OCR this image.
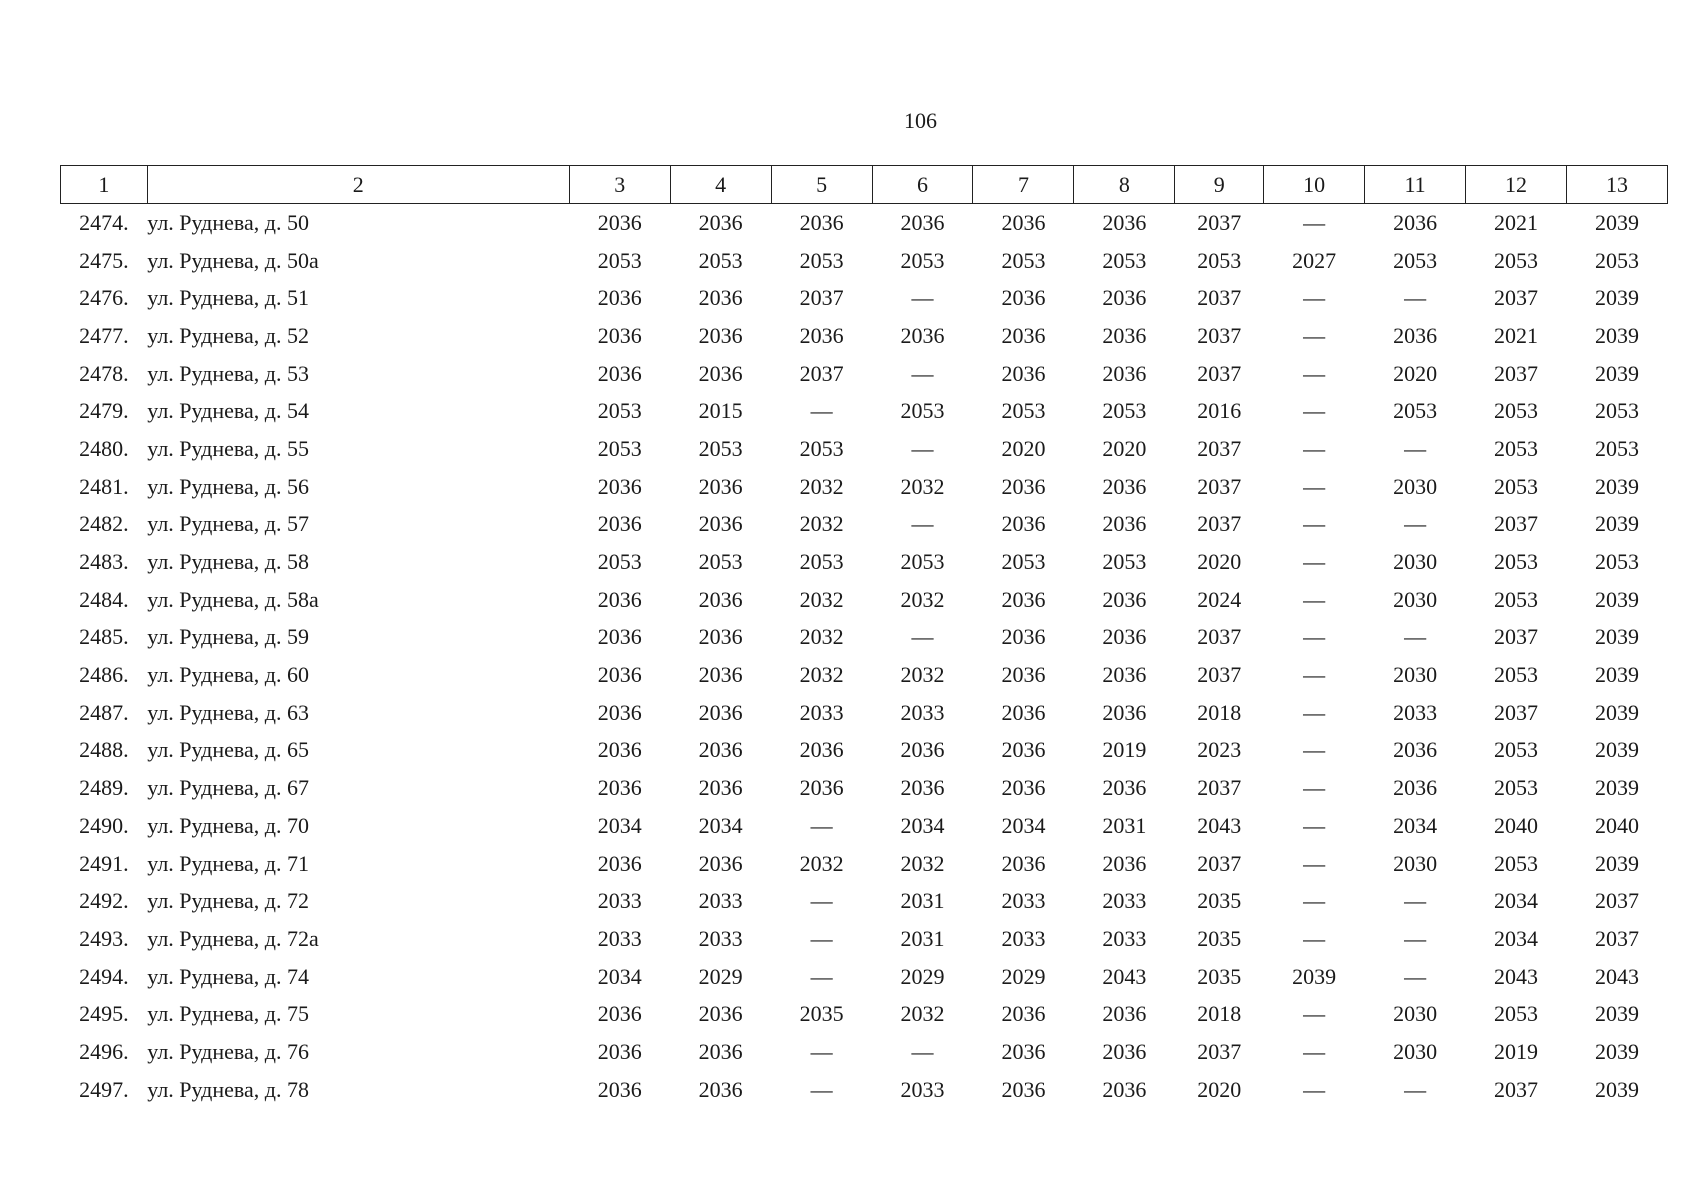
106
1	2	3	4	5	6	7	8	9	10	11	12	13
2474.	ул. Руднева, д. 50	2036	2036	2036	2036	2036	2036	2037	—	2036	2021	2039
2475.	ул. Руднева, д. 50а	2053	2053	2053	2053	2053	2053	2053	2027	2053	2053	2053
2476.	ул. Руднева, д. 51	2036	2036	2037	—	2036	2036	2037	—	—	2037	2039
2477.	ул. Руднева, д. 52	2036	2036	2036	2036	2036	2036	2037	—	2036	2021	2039
2478.	ул. Руднева, д. 53	2036	2036	2037	—	2036	2036	2037	—	2020	2037	2039
2479.	ул. Руднева, д. 54	2053	2015	—	2053	2053	2053	2016	—	2053	2053	2053
2480.	ул. Руднева, д. 55	2053	2053	2053	—	2020	2020	2037	—	—	2053	2053
2481.	ул. Руднева, д. 56	2036	2036	2032	2032	2036	2036	2037	—	2030	2053	2039
2482.	ул. Руднева, д. 57	2036	2036	2032	—	2036	2036	2037	—	—	2037	2039
2483.	ул. Руднева, д. 58	2053	2053	2053	2053	2053	2053	2020	—	2030	2053	2053
2484.	ул. Руднева, д. 58а	2036	2036	2032	2032	2036	2036	2024	—	2030	2053	2039
2485.	ул. Руднева, д. 59	2036	2036	2032	—	2036	2036	2037	—	—	2037	2039
2486.	ул. Руднева, д. 60	2036	2036	2032	2032	2036	2036	2037	—	2030	2053	2039
2487.	ул. Руднева, д. 63	2036	2036	2033	2033	2036	2036	2018	—	2033	2037	2039
2488.	ул. Руднева, д. 65	2036	2036	2036	2036	2036	2019	2023	—	2036	2053	2039
2489.	ул. Руднева, д. 67	2036	2036	2036	2036	2036	2036	2037	—	2036	2053	2039
2490.	ул. Руднева, д. 70	2034	2034	—	2034	2034	2031	2043	—	2034	2040	2040
2491.	ул. Руднева, д. 71	2036	2036	2032	2032	2036	2036	2037	—	2030	2053	2039
2492.	ул. Руднева, д. 72	2033	2033	—	2031	2033	2033	2035	—	—	2034	2037
2493.	ул. Руднева, д. 72а	2033	2033	—	2031	2033	2033	2035	—	—	2034	2037
2494.	ул. Руднева, д. 74	2034	2029	—	2029	2029	2043	2035	2039	—	2043	2043
2495.	ул. Руднева, д. 75	2036	2036	2035	2032	2036	2036	2018	—	2030	2053	2039
2496.	ул. Руднева, д. 76	2036	2036	—	—	2036	2036	2037	—	2030	2019	2039
2497.	ул. Руднева, д. 78	2036	2036	—	2033	2036	2036	2020	—	—	2037	2039
